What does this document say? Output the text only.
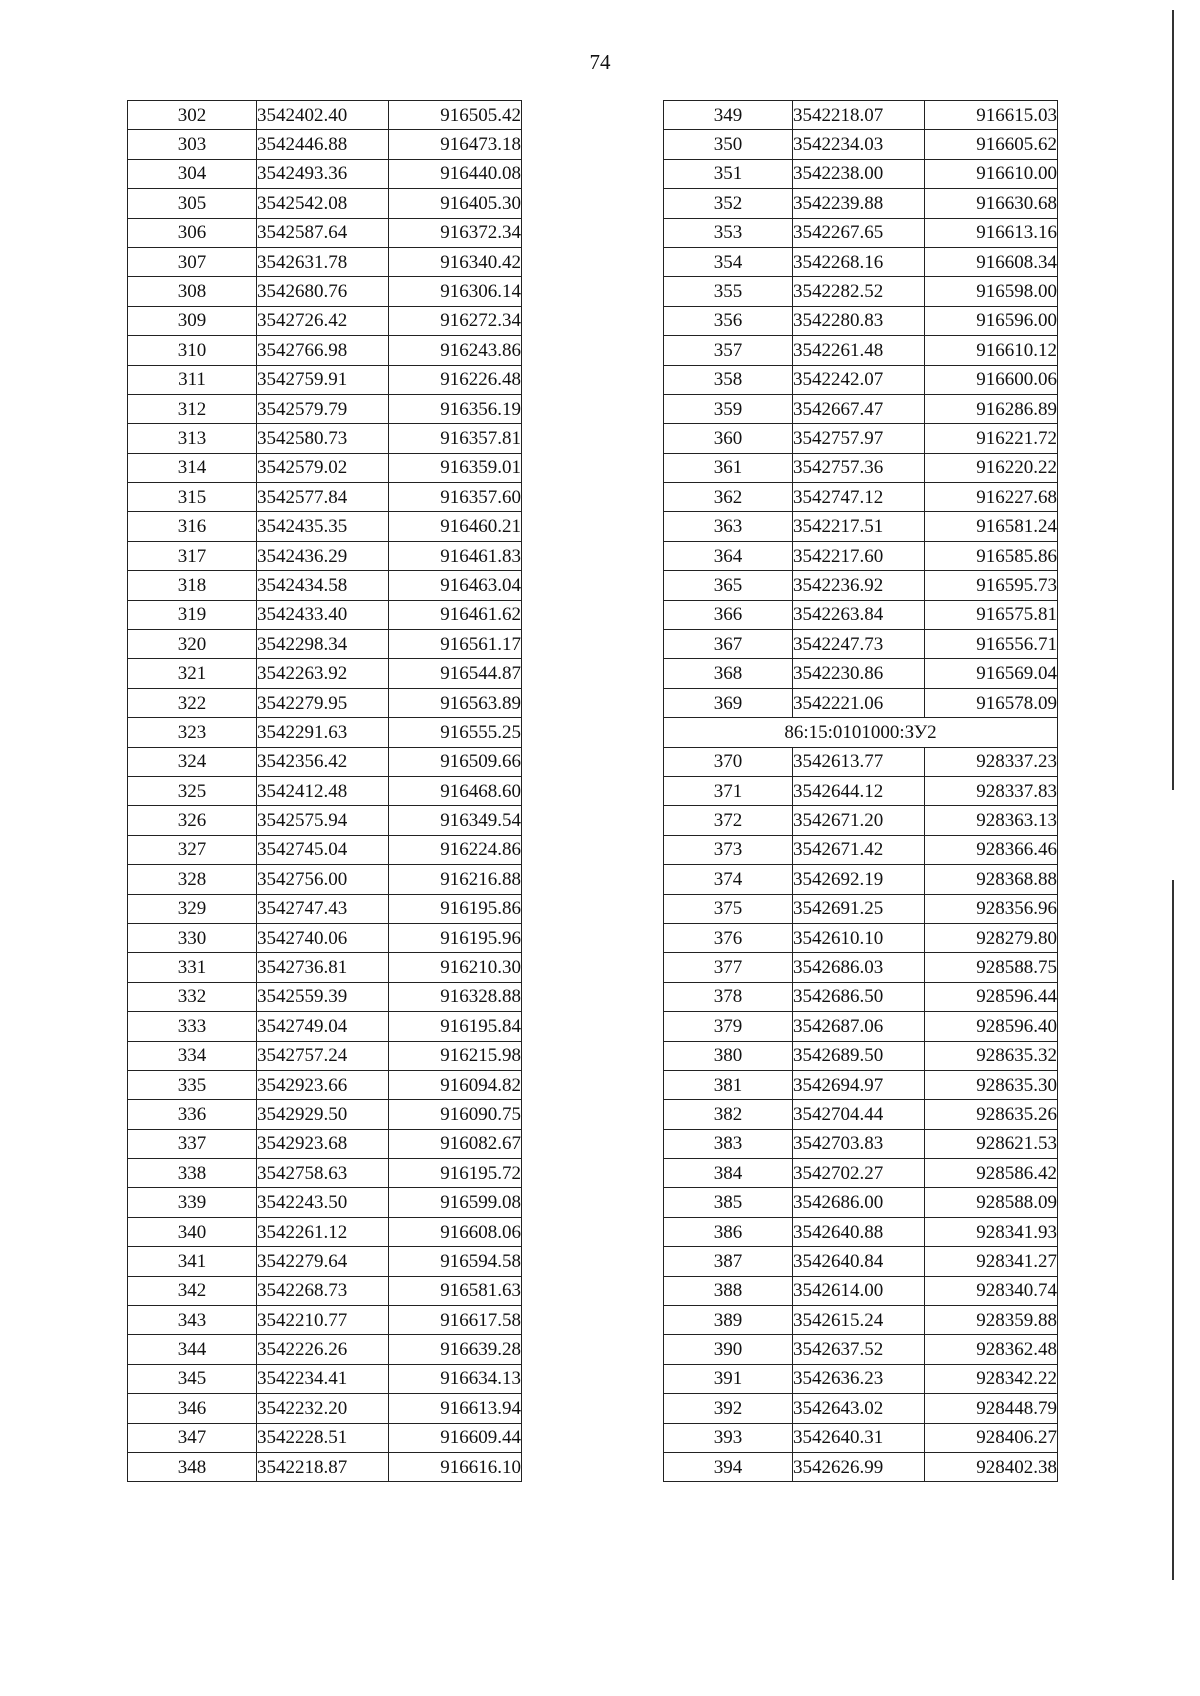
74
302	3542402.40	916505.42
303	3542446.88	916473.18
304	3542493.36	916440.08
305	3542542.08	916405.30
306	3542587.64	916372.34
307	3542631.78	916340.42
308	3542680.76	916306.14
309	3542726.42	916272.34
310	3542766.98	916243.86
311	3542759.91	916226.48
312	3542579.79	916356.19
313	3542580.73	916357.81
314	3542579.02	916359.01
315	3542577.84	916357.60
316	3542435.35	916460.21
317	3542436.29	916461.83
318	3542434.58	916463.04
319	3542433.40	916461.62
320	3542298.34	916561.17
321	3542263.92	916544.87
322	3542279.95	916563.89
323	3542291.63	916555.25
324	3542356.42	916509.66
325	3542412.48	916468.60
326	3542575.94	916349.54
327	3542745.04	916224.86
328	3542756.00	916216.88
329	3542747.43	916195.86
330	3542740.06	916195.96
331	3542736.81	916210.30
332	3542559.39	916328.88
333	3542749.04	916195.84
334	3542757.24	916215.98
335	3542923.66	916094.82
336	3542929.50	916090.75
337	3542923.68	916082.67
338	3542758.63	916195.72
339	3542243.50	916599.08
340	3542261.12	916608.06
341	3542279.64	916594.58
342	3542268.73	916581.63
343	3542210.77	916617.58
344	3542226.26	916639.28
345	3542234.41	916634.13
346	3542232.20	916613.94
347	3542228.51	916609.44
348	3542218.87	916616.10
349	3542218.07	916615.03
350	3542234.03	916605.62
351	3542238.00	916610.00
352	3542239.88	916630.68
353	3542267.65	916613.16
354	3542268.16	916608.34
355	3542282.52	916598.00
356	3542280.83	916596.00
357	3542261.48	916610.12
358	3542242.07	916600.06
359	3542667.47	916286.89
360	3542757.97	916221.72
361	3542757.36	916220.22
362	3542747.12	916227.68
363	3542217.51	916581.24
364	3542217.60	916585.86
365	3542236.92	916595.73
366	3542263.84	916575.81
367	3542247.73	916556.71
368	3542230.86	916569.04
369	3542221.06	916578.09
86:15:0101000:ЗУ2		
370	3542613.77	928337.23
371	3542644.12	928337.83
372	3542671.20	928363.13
373	3542671.42	928366.46
374	3542692.19	928368.88
375	3542691.25	928356.96
376	3542610.10	928279.80
377	3542686.03	928588.75
378	3542686.50	928596.44
379	3542687.06	928596.40
380	3542689.50	928635.32
381	3542694.97	928635.30
382	3542704.44	928635.26
383	3542703.83	928621.53
384	3542702.27	928586.42
385	3542686.00	928588.09
386	3542640.88	928341.93
387	3542640.84	928341.27
388	3542614.00	928340.74
389	3542615.24	928359.88
390	3542637.52	928362.48
391	3542636.23	928342.22
392	3542643.02	928448.79
393	3542640.31	928406.27
394	3542626.99	928402.38
